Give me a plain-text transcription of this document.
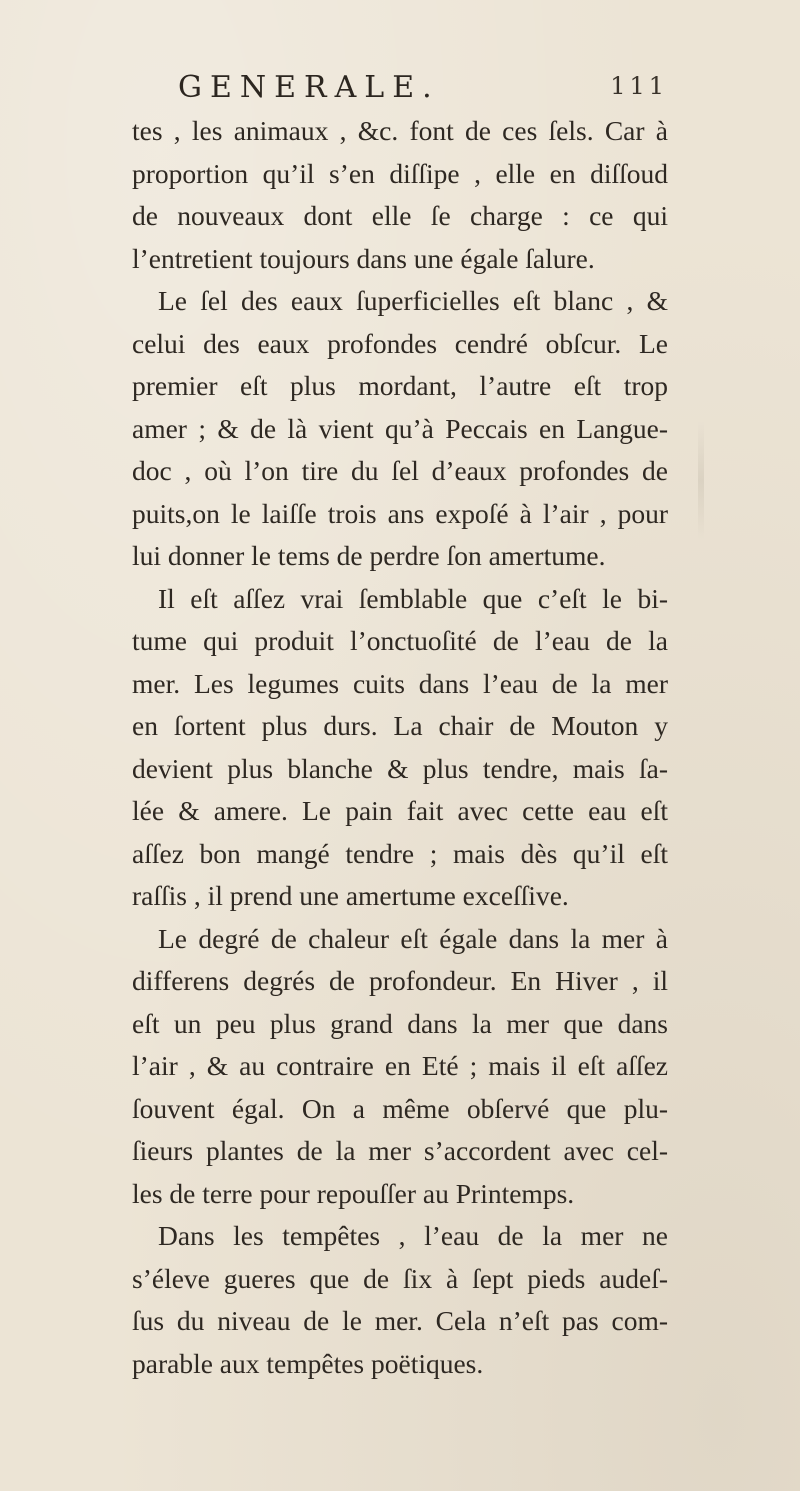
GENERALE.	111
tes , les animaux , &c. font de ces ſels. Car à
proportion qu’il s’en diſſipe , elle en diſſoud
de nouveaux dont elle ſe charge : ce qui
l’entretient toujours dans une égale ſalure.
Le ſel des eaux ſuperficielles eſt blanc , &
celui des eaux profondes cendré obſcur. Le
premier eſt plus mordant, l’autre eſt trop
amer ; & de là vient qu’à Peccais en Langue-
doc , où l’on tire du ſel d’eaux profondes de
puits,on le laiſſe trois ans expoſé à l’air , pour
lui donner le tems de perdre ſon amertume.
Il eſt aſſez vrai ſemblable que c’eſt le bi-
tume qui produit l’onctuoſité de l’eau de la
mer. Les legumes cuits dans l’eau de la mer
en ſortent plus durs. La chair de Mouton y
devient plus blanche & plus tendre, mais ſa-
lée & amere. Le pain fait avec cette eau eſt
aſſez bon mangé tendre ; mais dès qu’il eſt
raſſis , il prend une amertume exceſſive.
Le degré de chaleur eſt égale dans la mer à
differens degrés de profondeur. En Hiver , il
eſt un peu plus grand dans la mer que dans
l’air , & au contraire en Eté ; mais il eſt aſſez
ſouvent égal. On a même obſervé que plu-
ſieurs plantes de la mer s’accordent avec cel-
les de terre pour repouſſer au Printemps.
Dans les tempêtes , l’eau de la mer ne
s’éleve gueres que de ſix à ſept pieds audeſ-
ſus du niveau de le mer. Cela n’eſt pas com-
parable aux tempêtes poëtiques.
